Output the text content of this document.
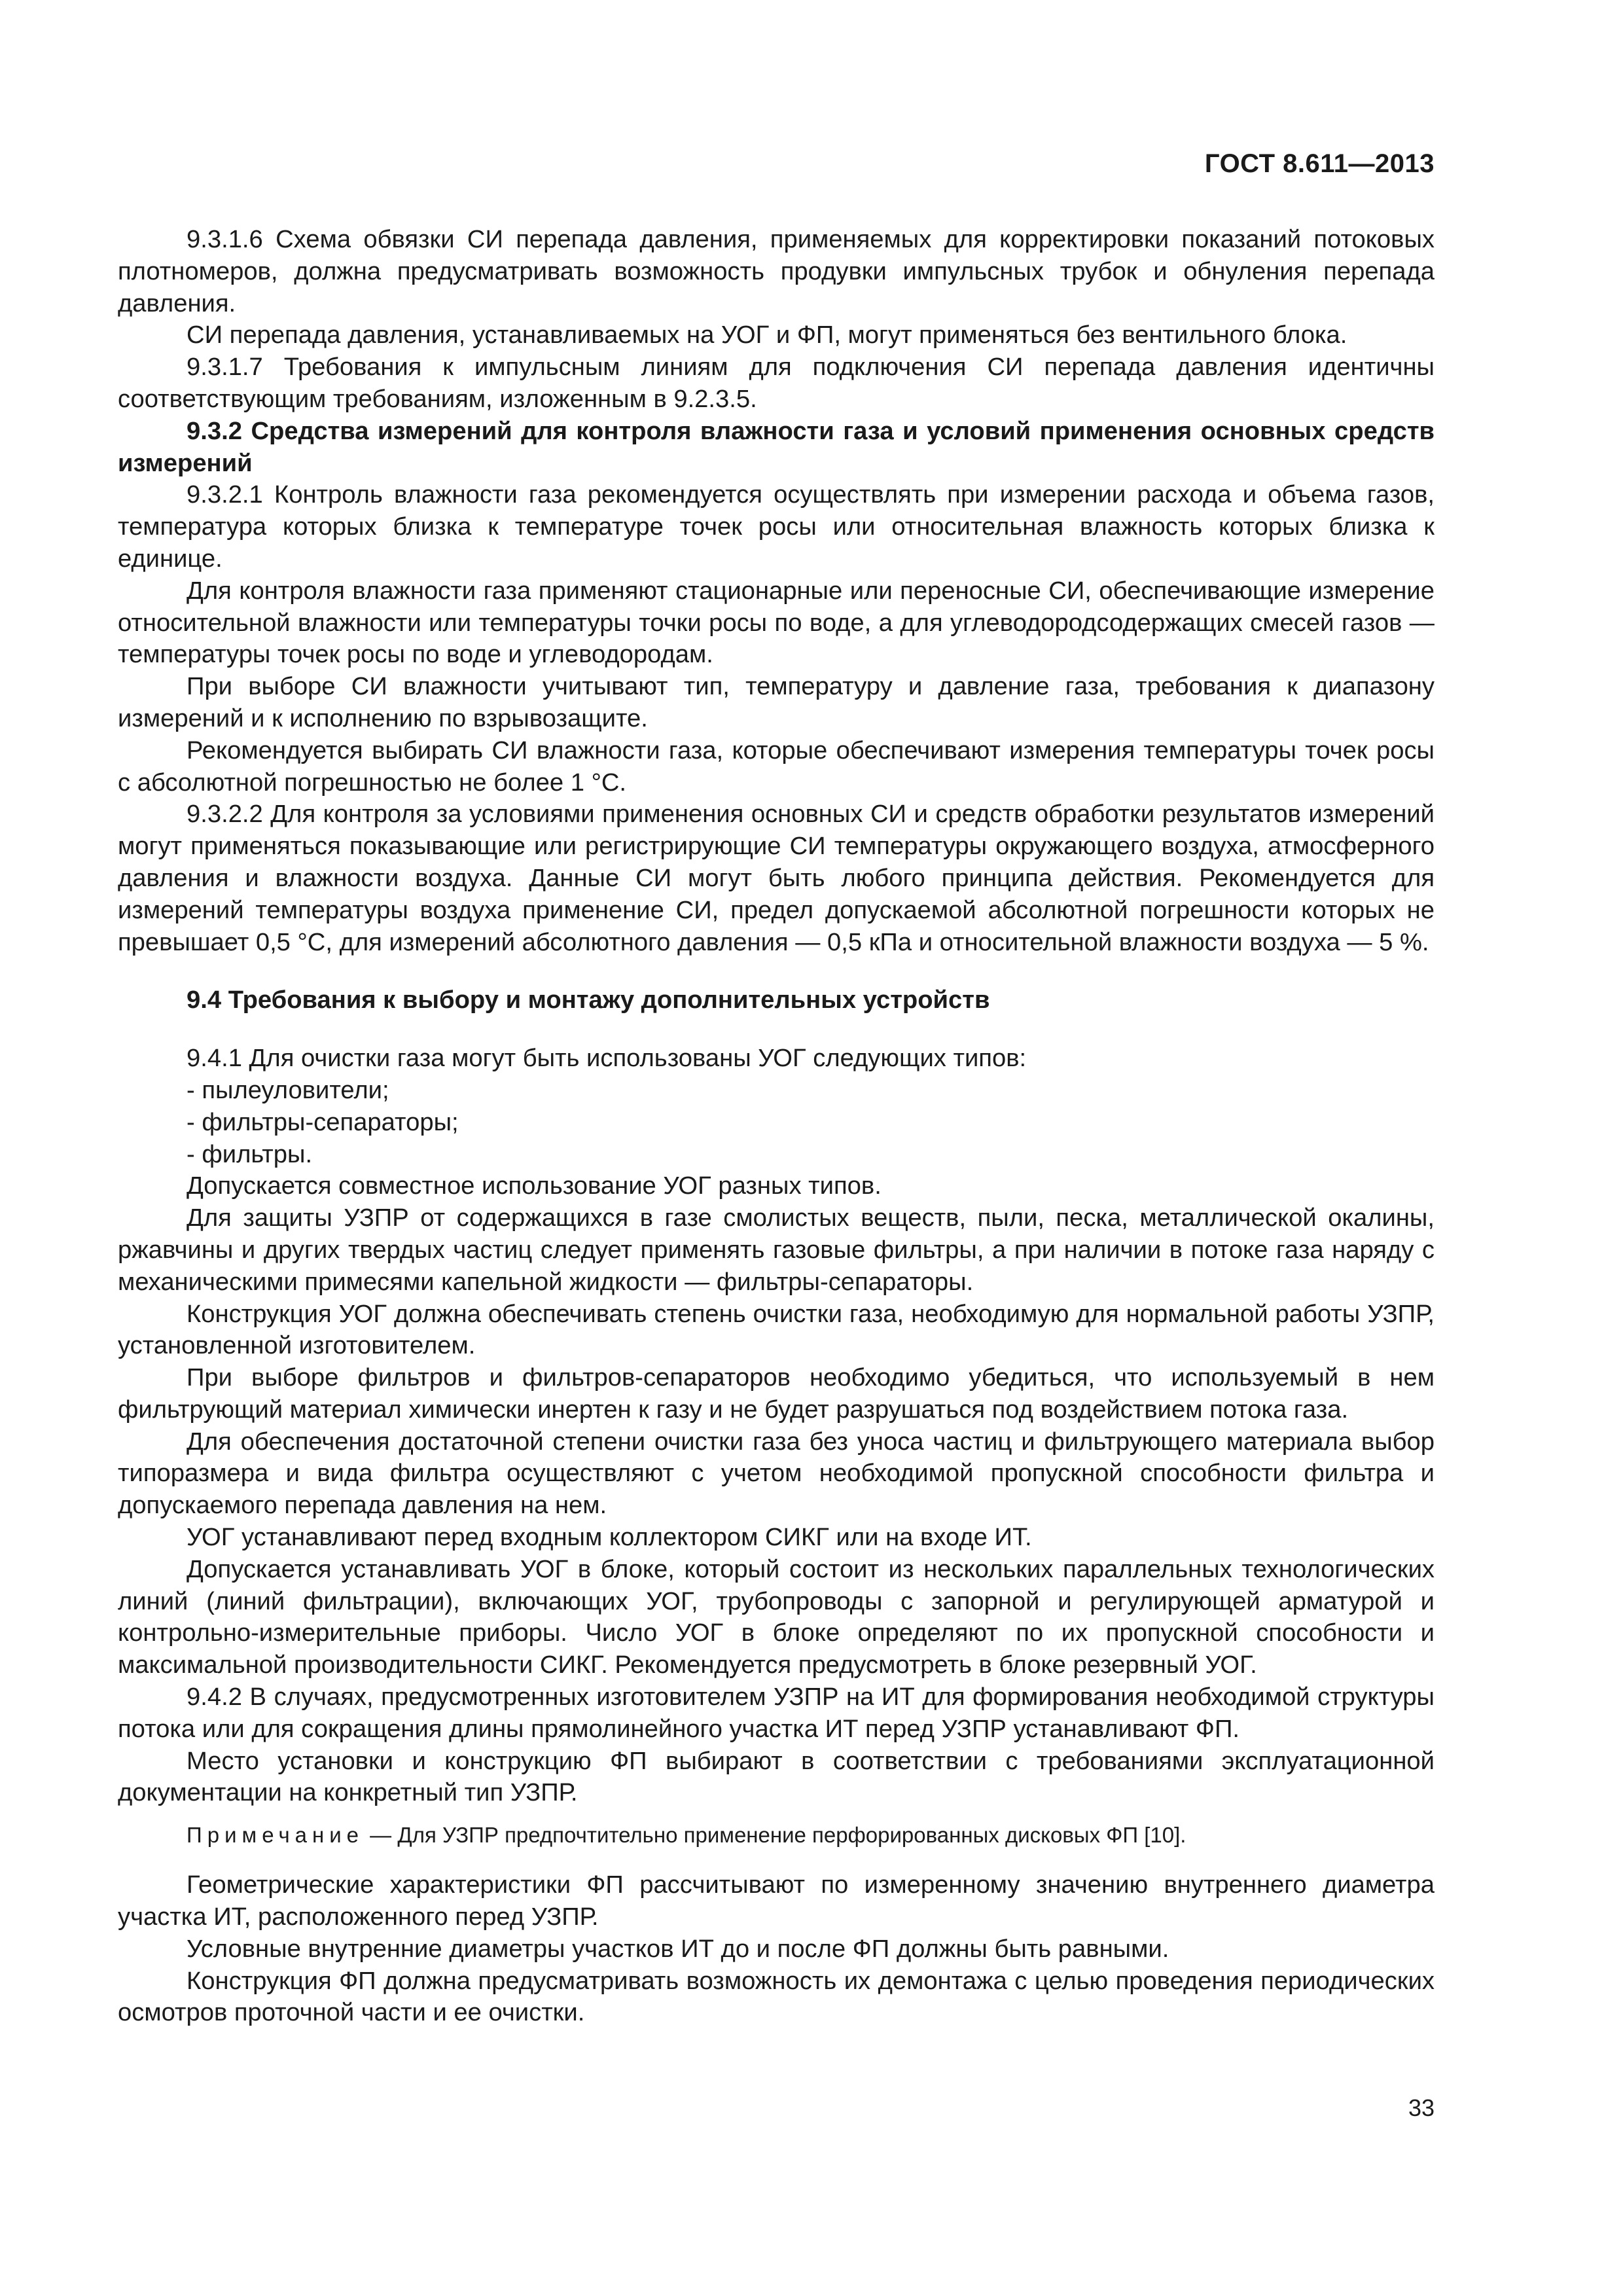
ГОСТ 8.611—2013

9.3.1.6 Схема обвязки СИ перепада давления, применяемых для корректировки показаний потоковых плотномеров, должна предусматривать возможность продувки импульсных трубок и обнуления перепада давления.

СИ перепада давления, устанавливаемых на УОГ и ФП, могут применяться без вентильного блока.

9.3.1.7 Требования к импульсным линиям для подключения СИ перепада давления идентичны соответствующим требованиям, изложенным в 9.2.3.5.

9.3.2 Средства измерений для контроля влажности газа и условий применения основных средств измерений

9.3.2.1 Контроль влажности газа рекомендуется осуществлять при измерении расхода и объема газов, температура которых близка к температуре точек росы или относительная влажность которых близка к единице.

Для контроля влажности газа применяют стационарные или переносные СИ, обеспечивающие измерение относительной влажности или температуры точки росы по воде, а для углеводородсодержащих смесей газов — температуры точек росы по воде и углеводородам.

При выборе СИ влажности учитывают тип, температуру и давление газа, требования к диапазону измерений и к исполнению по взрывозащите.

Рекомендуется выбирать СИ влажности газа, которые обеспечивают измерения температуры точек росы с абсолютной погрешностью не более 1 °С.

9.3.2.2 Для контроля за условиями применения основных СИ и средств обработки результатов измерений могут применяться показывающие или регистрирующие СИ температуры окружающего воздуха, атмосферного давления и влажности воздуха. Данные СИ могут быть любого принципа действия. Рекомендуется для измерений температуры воздуха применение СИ, предел допускаемой абсолютной погрешности которых не превышает 0,5 °С, для измерений абсолютного давления — 0,5 кПа и относительной влажности воздуха — 5 %.

9.4 Требования к выбору и монтажу дополнительных устройств

9.4.1 Для очистки газа могут быть использованы УОГ следующих типов:

- пылеуловители;

- фильтры-сепараторы;

- фильтры.

Допускается совместное использование УОГ разных типов.

Для защиты УЗПР от содержащихся в газе смолистых веществ, пыли, песка, металлической окалины, ржавчины и других твердых частиц следует применять газовые фильтры, а при наличии в потоке газа наряду с механическими примесями капельной жидкости — фильтры-сепараторы.

Конструкция УОГ должна обеспечивать степень очистки газа, необходимую для нормальной работы УЗПР, установленной изготовителем.

При выборе фильтров и фильтров-сепараторов необходимо убедиться, что используемый в нем фильтрующий материал химически инертен к газу и не будет разрушаться под воздействием потока газа.

Для обеспечения достаточной степени очистки газа без уноса частиц и фильтрующего материала выбор типоразмера и вида фильтра осуществляют с учетом необходимой пропускной способности фильтра и допускаемого перепада давления на нем.

УОГ устанавливают перед входным коллектором СИКГ или на входе ИТ.

Допускается устанавливать УОГ в блоке, который состоит из нескольких параллельных технологических линий (линий фильтрации), включающих УОГ, трубопроводы с запорной и регулирующей арматурой и контрольно-измерительные приборы. Число УОГ в блоке определяют по их пропускной способности и максимальной производительности СИКГ. Рекомендуется предусмотреть в блоке резервный УОГ.

9.4.2 В случаях, предусмотренных изготовителем УЗПР на ИТ для формирования необходимой структуры потока или для сокращения длины прямолинейного участка ИТ перед УЗПР устанавливают ФП.

Место установки и конструкцию ФП выбирают в соответствии с требованиями эксплуатационной документации на конкретный тип УЗПР.

Примечание — Для УЗПР предпочтительно применение перфорированных дисковых ФП [10].

Геометрические характеристики ФП рассчитывают по измеренному значению внутреннего диаметра участка ИТ, расположенного перед УЗПР.

Условные внутренние диаметры участков ИТ до и после ФП должны быть равными.

Конструкция ФП должна предусматривать возможность их демонтажа с целью проведения периодических осмотров проточной части и ее очистки.

33
